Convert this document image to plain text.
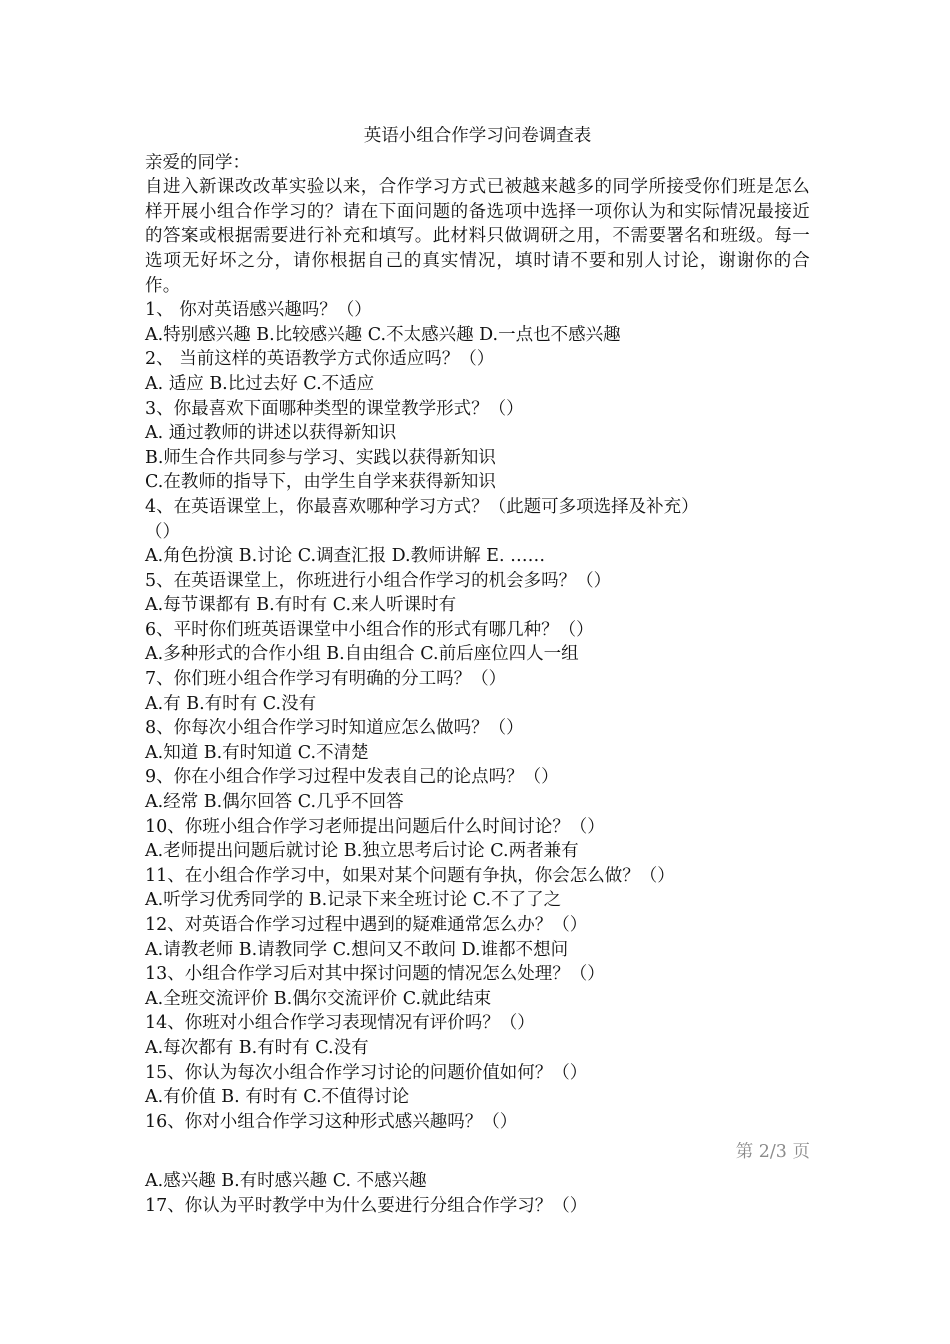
英语小组合作学习问卷调查表

亲爱的同学：

自进入新课改改革实验以来，合作学习方式已被越来越多的同学所接受你们班是怎么样开展小组合作学习的？请在下面问题的备选项中选择一项你认为和实际情况最接近的答案或根据需要进行补充和填写。此材料只做调研之用，不需要署名和班级。每一选项无好坏之分，请你根据自己的真实情况，填时请不要和别人讨论，谢谢你的合作。

1、 你对英语感兴趣吗？（）

A.特别感兴趣 B.比较感兴趣 C.不太感兴趣 D.一点也不感兴趣

2、 当前这样的英语教学方式你适应吗？（）

A. 适应 B.比过去好 C.不适应

3、你最喜欢下面哪种类型的课堂教学形式？（）

A. 通过教师的讲述以获得新知识

B.师生合作共同参与学习、实践以获得新知识

C.在教师的指导下，由学生自学来获得新知识

4、在英语课堂上，你最喜欢哪种学习方式？（此题可多项选择及补充）

（）

A.角色扮演 B.讨论 C.调查汇报 D.教师讲解 E. ……

5、在英语课堂上，你班进行小组合作学习的机会多吗？（）

A.每节课都有 B.有时有 C.来人听课时有

6、平时你们班英语课堂中小组合作的形式有哪几种？（）

A.多种形式的合作小组 B.自由组合 C.前后座位四人一组

7、你们班小组合作学习有明确的分工吗？（）

A.有 B.有时有 C.没有

8、你每次小组合作学习时知道应怎么做吗？（）

A.知道 B.有时知道 C.不清楚

9、你在小组合作学习过程中发表自己的论点吗？（）

A.经常 B.偶尔回答 C.几乎不回答

10、你班小组合作学习老师提出问题后什么时间讨论？（）

A.老师提出问题后就讨论 B.独立思考后讨论 C.两者兼有

11、在小组合作学习中，如果对某个问题有争执，你会怎么做？（）

A.听学习优秀同学的 B.记录下来全班讨论 C.不了了之

12、对英语合作学习过程中遇到的疑难通常怎么办？（）

A.请教老师 B.请教同学 C.想问又不敢问 D.谁都不想问

13、小组合作学习后对其中探讨问题的情况怎么处理？（）

A.全班交流评价 B.偶尔交流评价 C.就此结束

14、你班对小组合作学习表现情况有评价吗？（）

A.每次都有 B.有时有 C.没有

15、你认为每次小组合作学习讨论的问题价值如何？（）

A.有价值 B. 有时有 C.不值得讨论

16、你对小组合作学习这种形式感兴趣吗？（）

第 2/3 页

A.感兴趣 B.有时感兴趣 C. 不感兴趣

17、你认为平时教学中为什么要进行分组合作学习？（）
